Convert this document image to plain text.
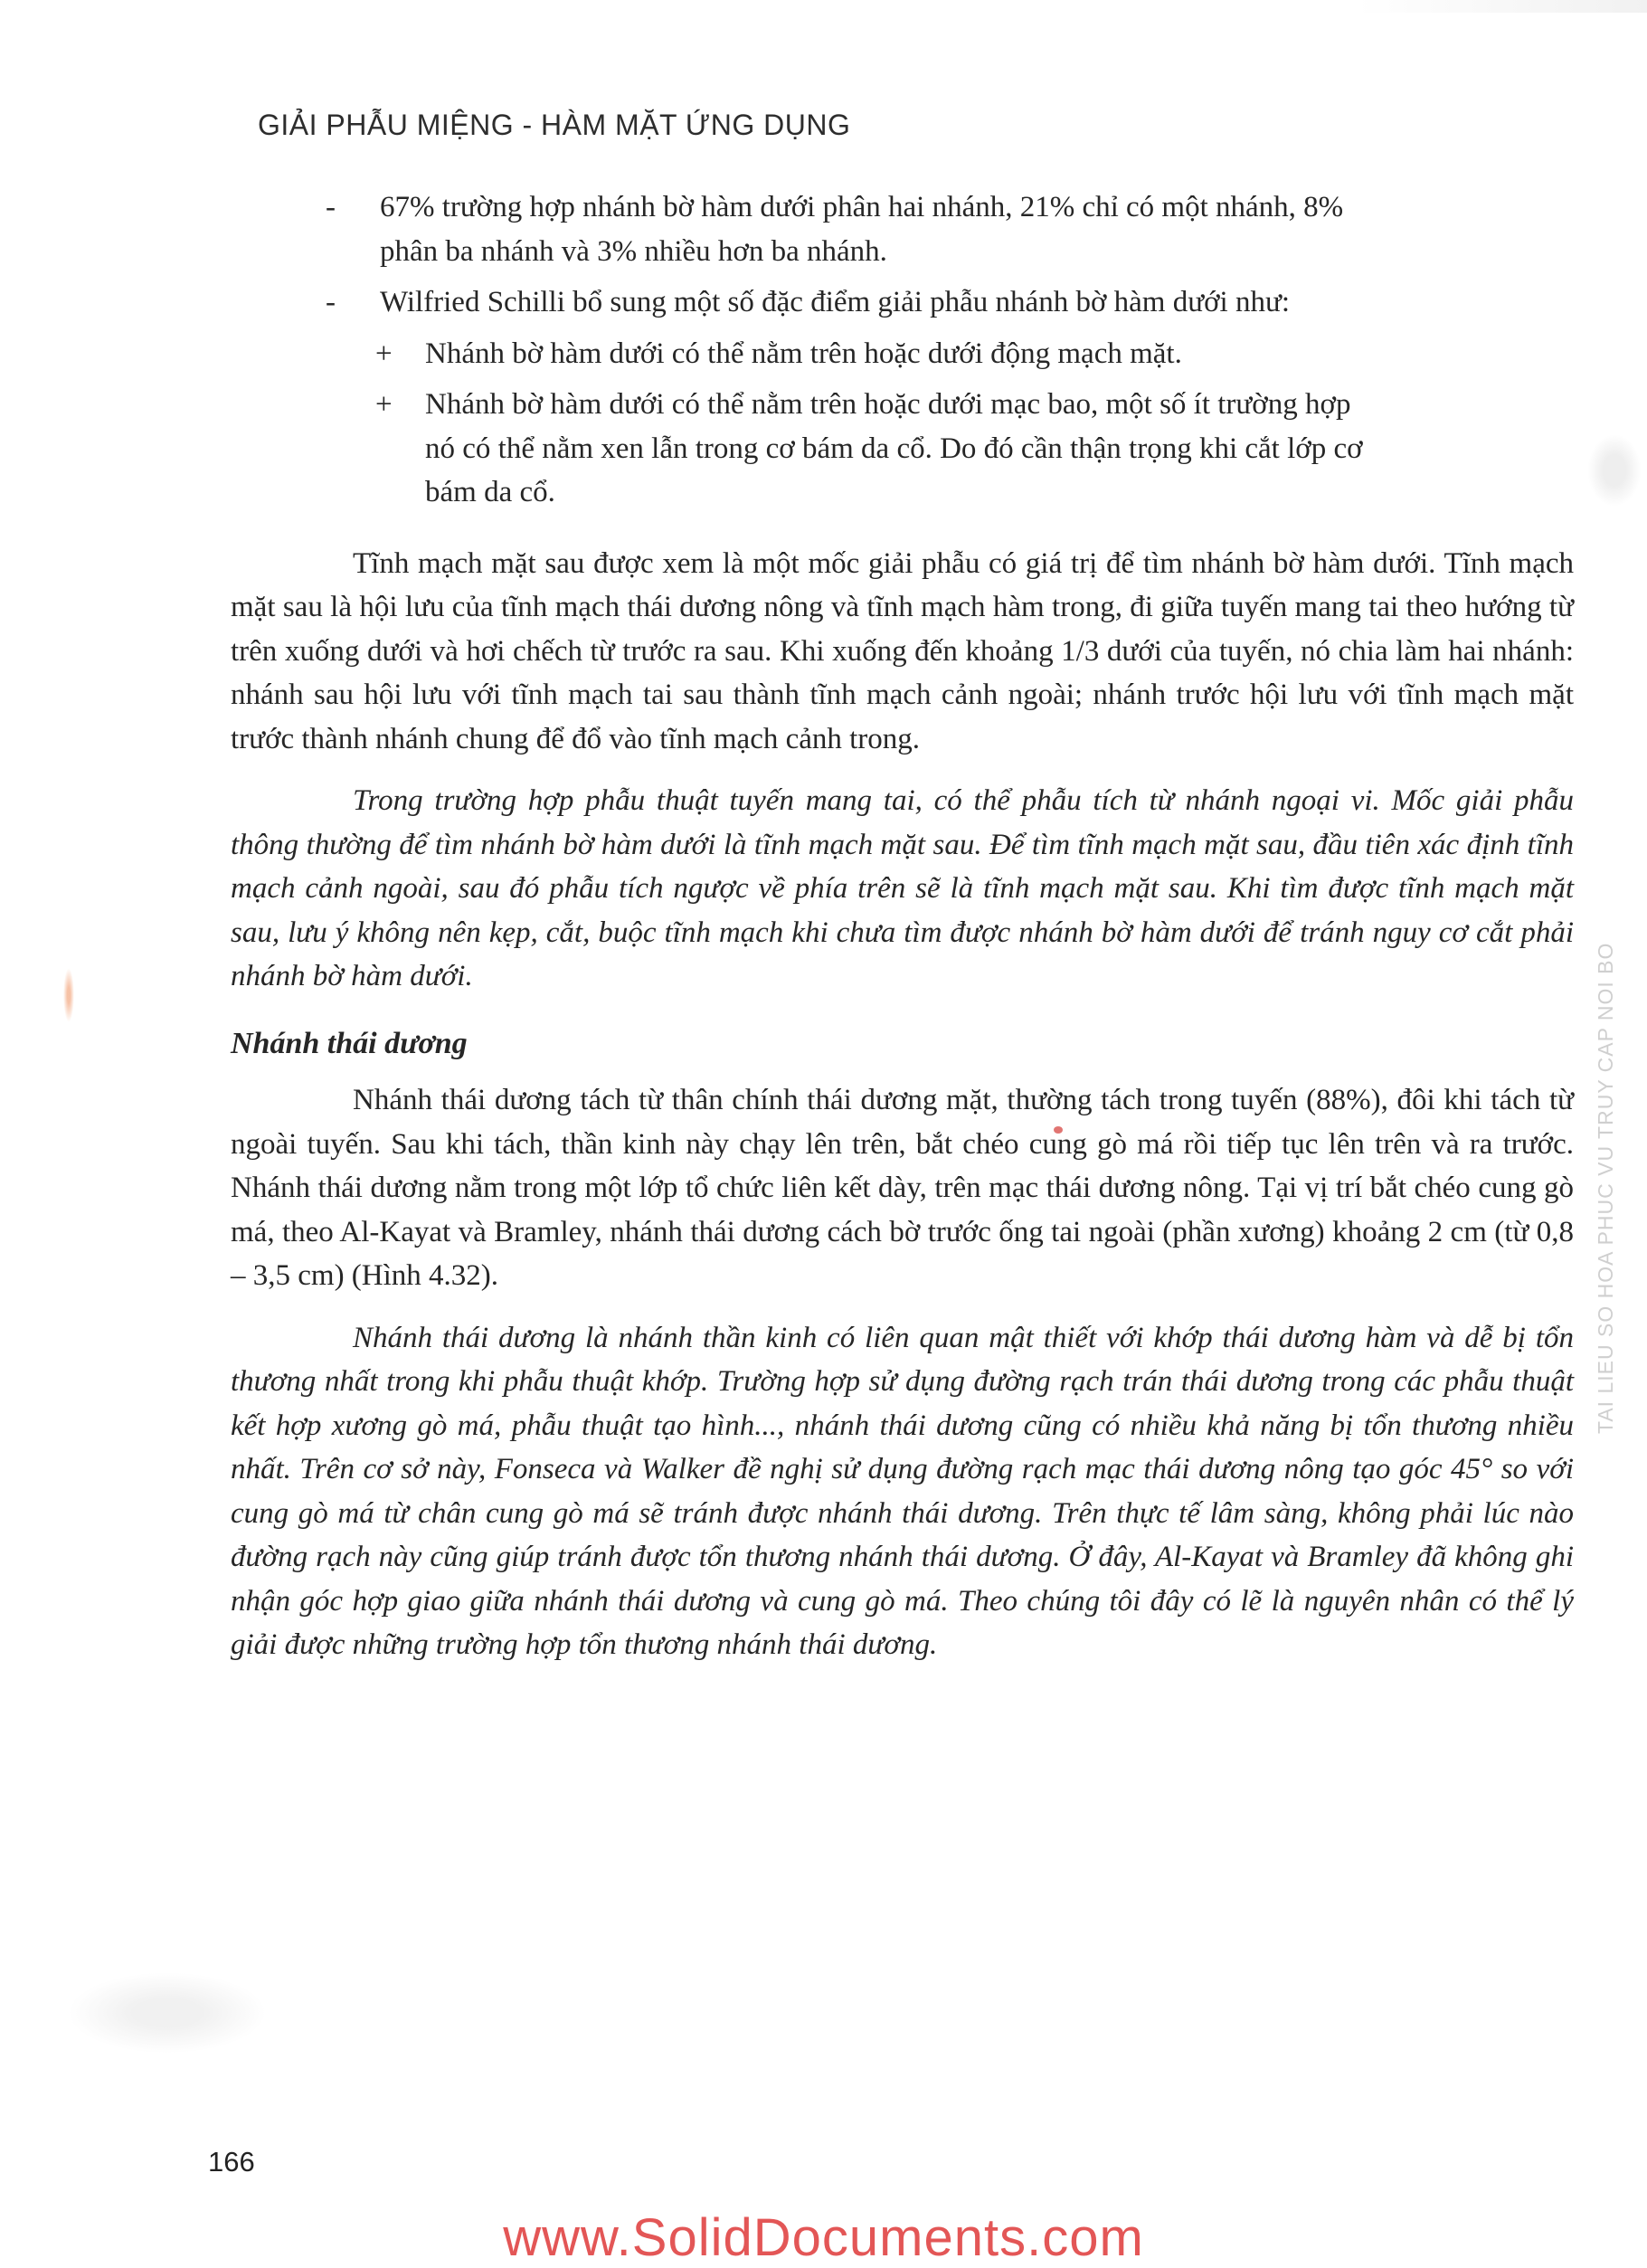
GIẢI PHẪU MIỆNG - HÀM MẶT ỨNG DỤNG
- 67% trường hợp nhánh bờ hàm dưới phân hai nhánh, 21% chỉ có một nhánh, 8%
phân ba nhánh và 3% nhiều hơn ba nhánh.
- Wilfried Schilli bổ sung một số đặc điểm giải phẫu nhánh bờ hàm dưới như:
+ Nhánh bờ hàm dưới có thể nằm trên hoặc dưới động mạch mặt.
+ Nhánh bờ hàm dưới có thể nằm trên hoặc dưới mạc bao, một số ít trường hợp
nó có thể nằm xen lẫn trong cơ bám da cổ. Do đó cần thận trọng khi cắt lớp cơ
bám da cổ.

Tĩnh mạch mặt sau được xem là một mốc giải phẫu có giá trị để tìm nhánh bờ hàm dưới. Tĩnh mạch mặt sau là hội lưu của tĩnh mạch thái dương nông và tĩnh mạch hàm trong, đi giữa tuyến mang tai theo hướng từ trên xuống dưới và hơi chếch từ trước ra sau. Khi xuống đến khoảng 1/3 dưới của tuyến, nó chia làm hai nhánh: nhánh sau hội lưu với tĩnh mạch tai sau thành tĩnh mạch cảnh ngoài; nhánh trước hội lưu với tĩnh mạch mặt trước thành nhánh chung để đổ vào tĩnh mạch cảnh trong.

Trong trường hợp phẫu thuật tuyến mang tai, có thể phẫu tích từ nhánh ngoại vi. Mốc giải phẫu thông thường để tìm nhánh bờ hàm dưới là tĩnh mạch mặt sau. Để tìm tĩnh mạch mặt sau, đầu tiên xác định tĩnh mạch cảnh ngoài, sau đó phẫu tích ngược về phía trên sẽ là tĩnh mạch mặt sau. Khi tìm được tĩnh mạch mặt sau, lưu ý không nên kẹp, cắt, buộc tĩnh mạch khi chưa tìm được nhánh bờ hàm dưới để tránh nguy cơ cắt phải nhánh bờ hàm dưới.

Nhánh thái dương

Nhánh thái dương tách từ thân chính thái dương mặt, thường tách trong tuyến (88%), đôi khi tách từ ngoài tuyến. Sau khi tách, thần kinh này chạy lên trên, bắt chéo cung gò má rồi tiếp tục lên trên và ra trước. Nhánh thái dương nằm trong một lớp tổ chức liên kết dày, trên mạc thái dương nông. Tại vị trí bắt chéo cung gò má, theo Al-Kayat và Bramley, nhánh thái dương cách bờ trước ống tai ngoài (phần xương) khoảng 2 cm (từ 0,8 – 3,5 cm) (Hình 4.32).

Nhánh thái dương là nhánh thần kinh có liên quan mật thiết với khớp thái dương hàm và dễ bị tổn thương nhất trong khi phẫu thuật khớp. Trường hợp sử dụng đường rạch trán thái dương trong các phẫu thuật kết hợp xương gò má, phẫu thuật tạo hình..., nhánh thái dương cũng có nhiều khả năng bị tổn thương nhiều nhất. Trên cơ sở này, Fonseca và Walker đề nghị sử dụng đường rạch mạc thái dương nông tạo góc 45° so với cung gò má từ chân cung gò má sẽ tránh được nhánh thái dương. Trên thực tế lâm sàng, không phải lúc nào đường rạch này cũng giúp tránh được tổn thương nhánh thái dương. Ở đây, Al-Kayat và Bramley đã không ghi nhận góc hợp giao giữa nhánh thái dương và cung gò má. Theo chúng tôi đây có lẽ là nguyên nhân có thể lý giải được những trường hợp tổn thương nhánh thái dương.

TAI LIEU SO HOA PHUC VU TRUY CAP NOI BO
166
www.SolidDocuments.com
